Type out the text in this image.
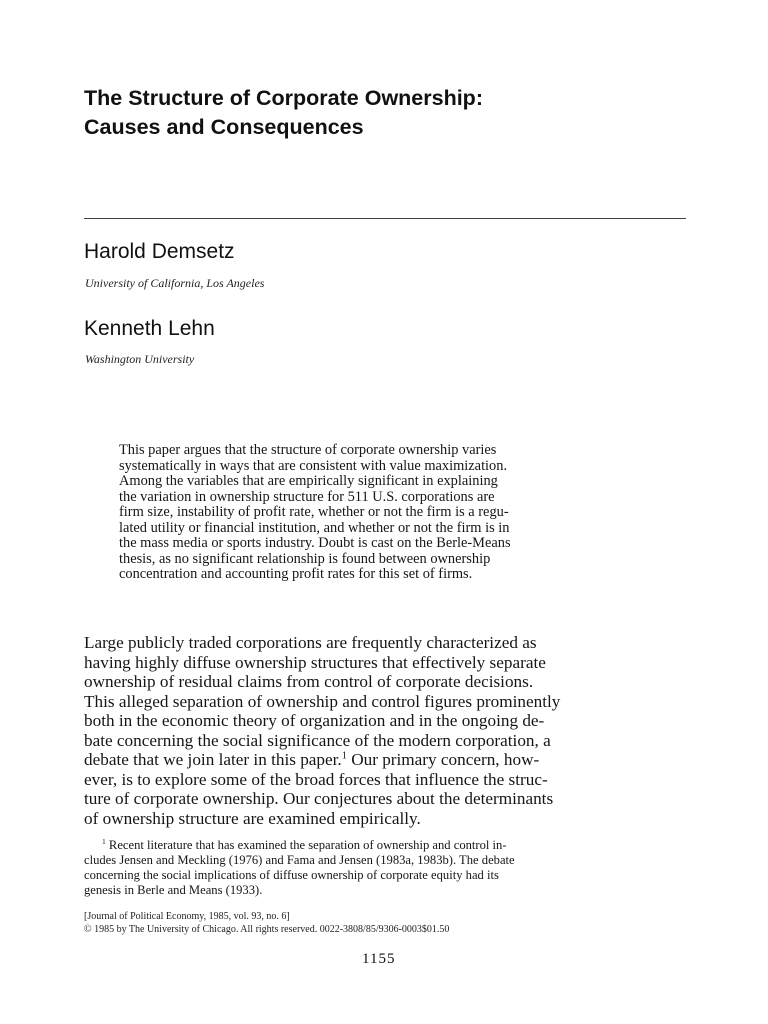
The Structure of Corporate Ownership:
Causes and Consequences
Harold Demsetz
University of California, Los Angeles
Kenneth Lehn
Washington University
This paper argues that the structure of corporate ownership varies
systematically in ways that are consistent with value maximization.
Among the variables that are empirically significant in explaining
the variation in ownership structure for 511 U.S. corporations are
firm size, instability of profit rate, whether or not the firm is a regu-
lated utility or financial institution, and whether or not the firm is in
the mass media or sports industry. Doubt is cast on the Berle-Means
thesis, as no significant relationship is found between ownership
concentration and accounting profit rates for this set of firms.
Large publicly traded corporations are frequently characterized as
having highly diffuse ownership structures that effectively separate
ownership of residual claims from control of corporate decisions.
This alleged separation of ownership and control figures prominently
both in the economic theory of organization and in the ongoing de-
bate concerning the social significance of the modern corporation, a
debate that we join later in this paper.$^1$ Our primary concern, how-
ever, is to explore some of the broad forces that influence the struc-
ture of corporate ownership. Our conjectures about the determinants
of ownership structure are examined empirically.
$^1$ Recent literature that has examined the separation of ownership and control in-
cludes Jensen and Meckling (1976) and Fama and Jensen (1983a, 1983b). The debate
concerning the social implications of diffuse ownership of corporate equity had its
genesis in Berle and Means (1933).
[Journal of Political Economy, 1985, vol. 93, no. 6]
© 1985 by The University of Chicago. All rights reserved. 0022-3808/85/9306-0003$01.50
1155
